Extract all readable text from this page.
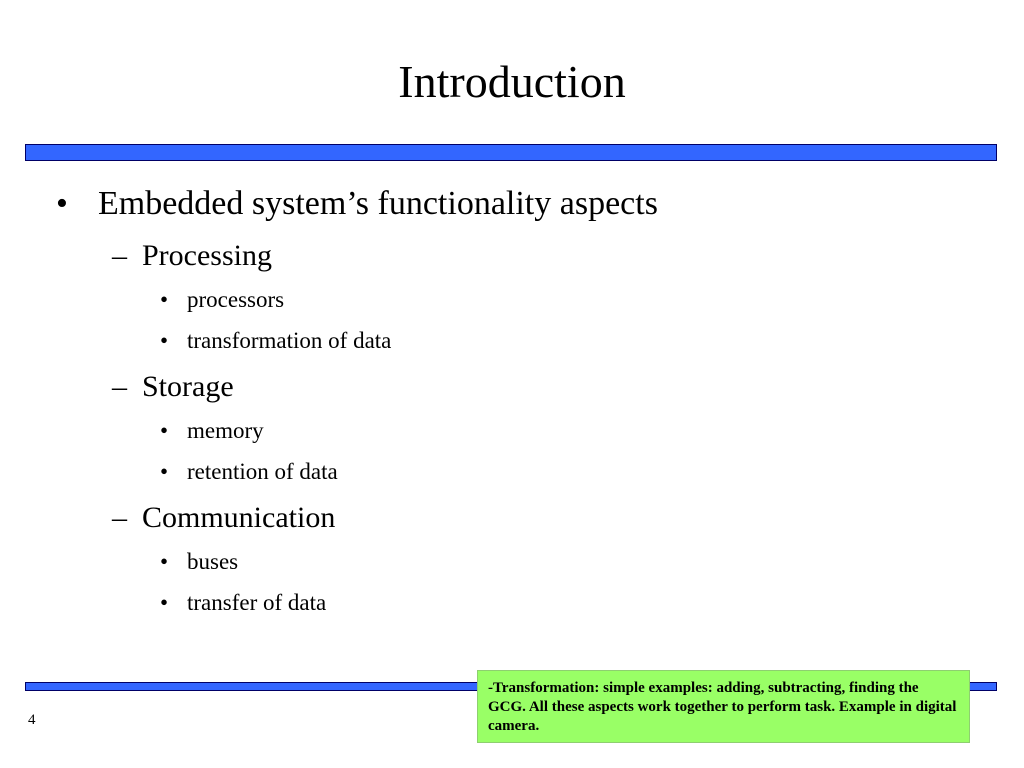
Introduction
• Embedded system’s functionality aspects
– Processing
• processors
• transformation of data
– Storage
• memory
• retention of data
– Communication
• buses
• transfer of data
4
-Transformation: simple examples: adding, subtracting, finding the GCG. All these aspects work together to perform task. Example in digital camera.
